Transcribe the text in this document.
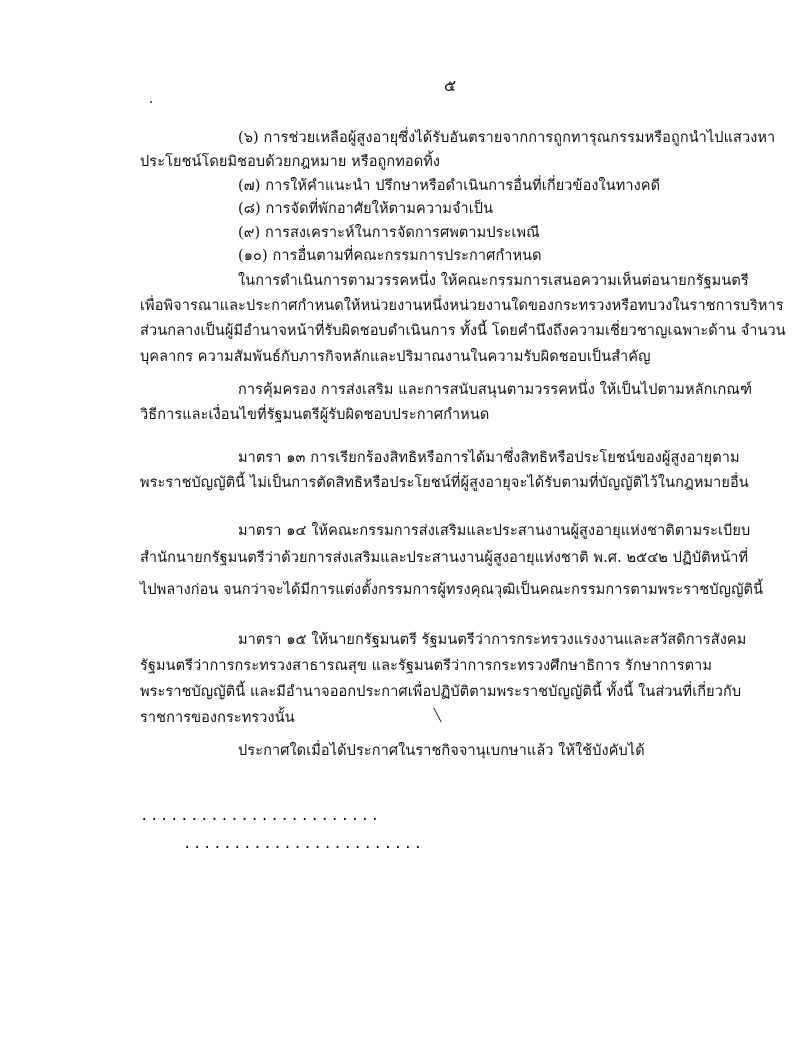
๕
(๖) การช่วยเหลือผู้สูงอายุซึ่งได้รับอันตรายจากการถูกทารุณกรรมหรือถูกนำไปแสวงหา
ประโยชน์โดยมิชอบด้วยกฎหมาย หรือถูกทอดทิ้ง
(๗) การให้คำแนะนำ ปรึกษาหรือดำเนินการอื่นที่เกี่ยวข้องในทางคดี
(๘) การจัดที่พักอาศัยให้ตามความจำเป็น
(๙) การสงเคราะห์ในการจัดการศพตามประเพณี
(๑๐) การอื่นตามที่คณะกรรมการประกาศกำหนด
ในการดำเนินการตามวรรคหนึ่ง ให้คณะกรรมการเสนอความเห็นต่อนายกรัฐมนตรี
เพื่อพิจารณาและประกาศกำหนดให้หน่วยงานหนึ่งหน่วยงานใดของกระทรวงหรือทบวงในราชการบริหาร
ส่วนกลางเป็นผู้มีอำนาจหน้าที่รับผิดชอบดำเนินการ ทั้งนี้ โดยคำนึงถึงความเชี่ยวชาญเฉพาะด้าน จำนวน
บุคลากร ความสัมพันธ์กับภารกิจหลักและปริมาณงานในความรับผิดชอบเป็นสำคัญ
การคุ้มครอง การส่งเสริม และการสนับสนุนตามวรรคหนึ่ง ให้เป็นไปตามหลักเกณฑ์
วิธีการและเงื่อนไขที่รัฐมนตรีผู้รับผิดชอบประกาศกำหนด
มาตรา ๑๓ การเรียกร้องสิทธิหรือการได้มาซึ่งสิทธิหรือประโยชน์ของผู้สูงอายุตาม
พระราชบัญญัตินี้ ไม่เป็นการตัดสิทธิหรือประโยชน์ที่ผู้สูงอายุจะได้รับตามที่บัญญัติไว้ในกฎหมายอื่น
มาตรา ๑๔ ให้คณะกรรมการส่งเสริมและประสานงานผู้สูงอายุแห่งชาติตามระเบียบ
สำนักนายกรัฐมนตรีว่าด้วยการส่งเสริมและประสานงานผู้สูงอายุแห่งชาติ พ.ศ. ๒๕๔๒ ปฏิบัติหน้าที่
ไปพลางก่อน จนกว่าจะได้มีการแต่งตั้งกรรมการผู้ทรงคุณวุฒิเป็นคณะกรรมการตามพระราชบัญญัตินี้
มาตรา ๑๕ ให้นายกรัฐมนตรี รัฐมนตรีว่าการกระทรวงแรงงานและสวัสดิการสังคม
รัฐมนตรีว่าการกระทรวงสาธารณสุข และรัฐมนตรีว่าการกระทรวงศึกษาธิการ รักษาการตาม
พระราชบัญญัตินี้ และมีอำนาจออกประกาศเพื่อปฏิบัติตามพระราชบัญญัตินี้ ทั้งนี้ ในส่วนที่เกี่ยวกับ
ราชการของกระทรวงนั้น
ประกาศใดเมื่อได้ประกาศในราชกิจจานุเบกษาแล้ว ให้ใช้บังคับได้
........................
........................
